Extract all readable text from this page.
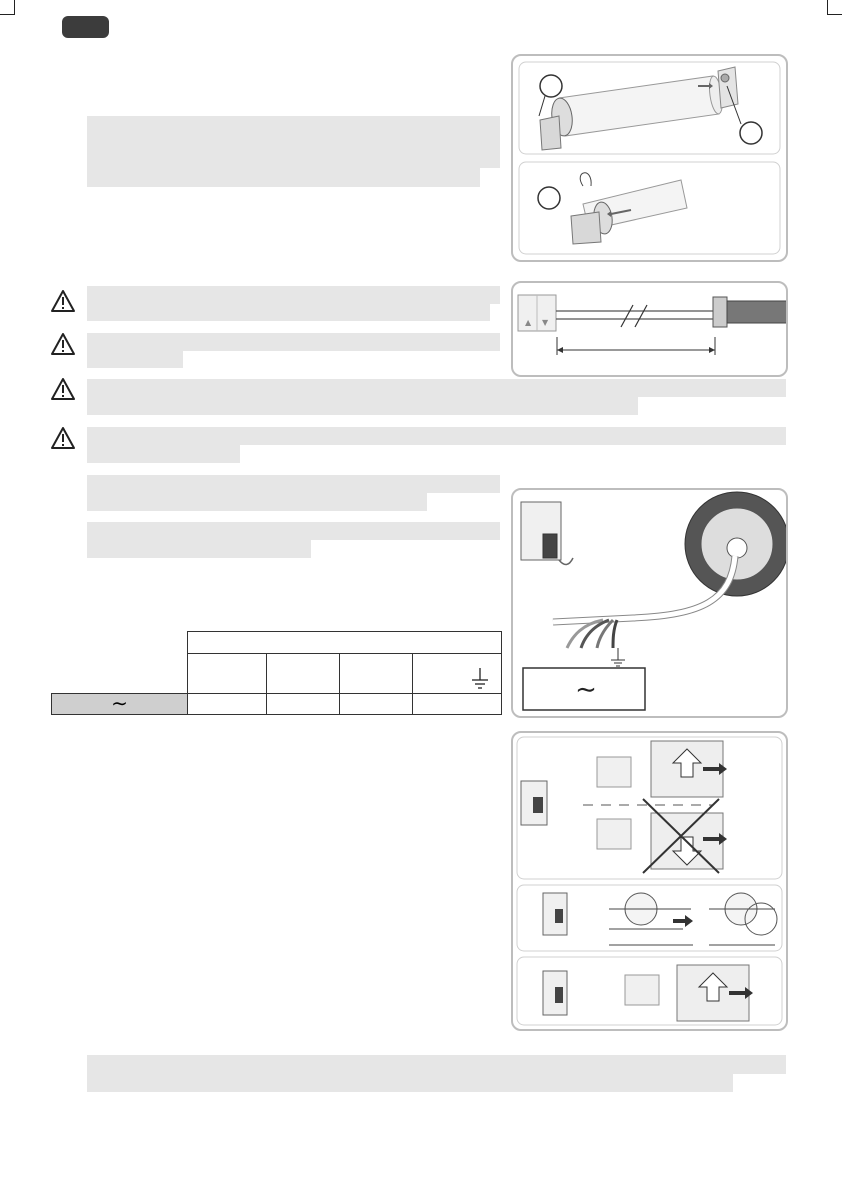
∼				
▲ ▼
∼
